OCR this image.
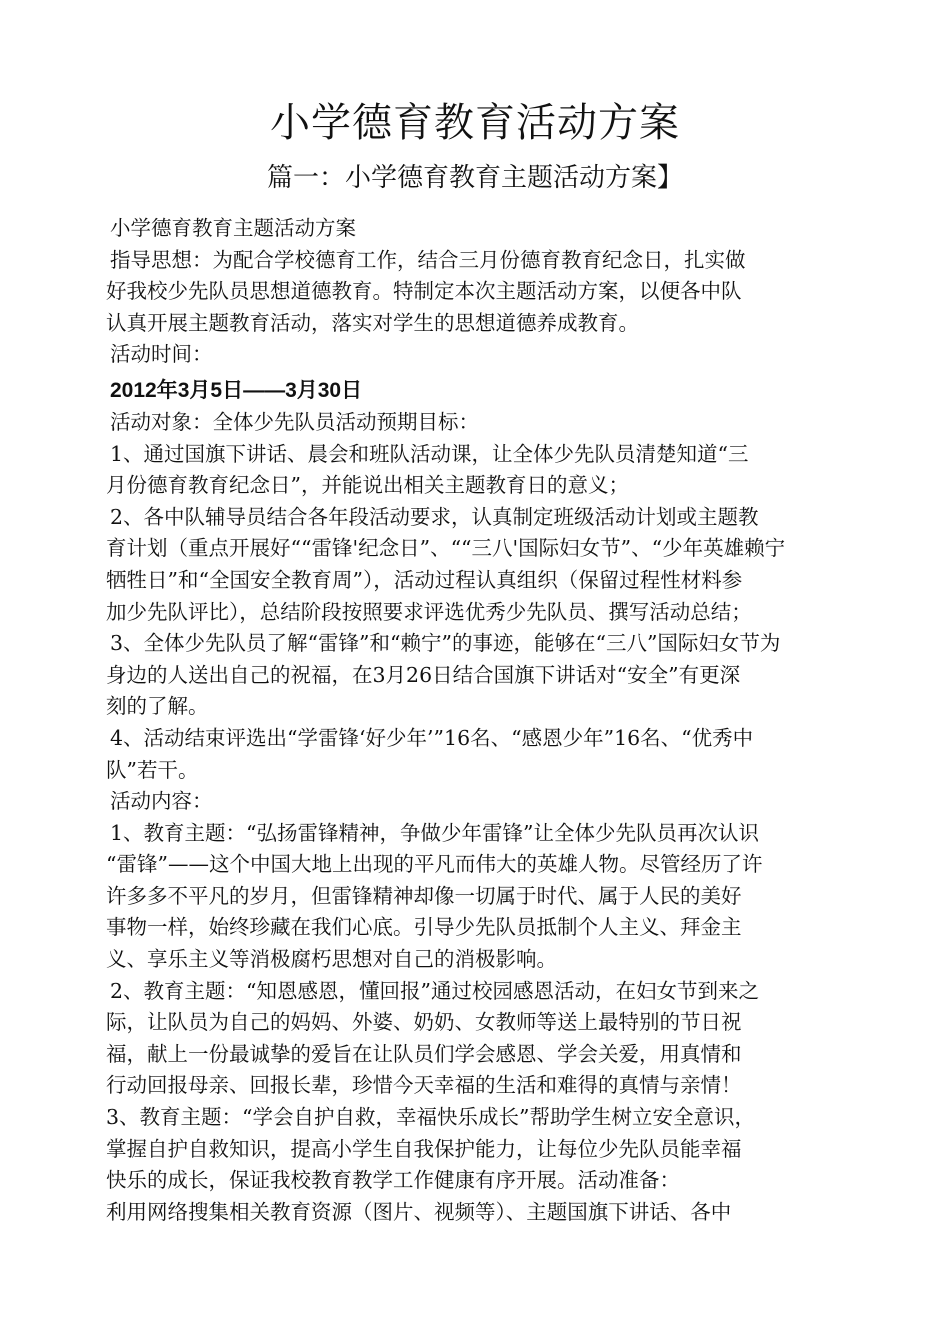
小学德育教育活动方案
篇一：小学德育教育主题活动方案】
小学德育教育主题活动方案
指导思想：为配合学校德育工作，结合三月份德育教育纪念日，扎实做
好我校少先队员思想道德教育。特制定本次主题活动方案，以便各中队
认真开展主题教育活动，落实对学生的思想道德养成教育。
活动时间：
2012年3月5日——3月30日
活动对象：全体少先队员活动预期目标：
1、通过国旗下讲话、晨会和班队活动课，让全体少先队员清楚知道“三
月份德育教育纪念日”，并能说出相关主题教育日的意义；
2、各中队辅导员结合各年段活动要求，认真制定班级活动计划或主题教
育计划（重点开展好““雷锋'纪念日”、““三八'国际妇女节”、“少年英雄赖宁
牺牲日”和“全国安全教育周”），活动过程认真组织（保留过程性材料参
加少先队评比），总结阶段按照要求评选优秀少先队员、撰写活动总结；
3、全体少先队员了解“雷锋”和“赖宁”的事迹，能够在“三八”国际妇女节为
身边的人送出自己的祝福，在3月26日结合国旗下讲话对“安全”有更深
刻的了解。
4、活动结束评选出“学雷锋‘好少年’”16名、“感恩少年”16名、“优秀中
队”若干。
活动内容：
1、教育主题：“弘扬雷锋精神，争做少年雷锋”让全体少先队员再次认识
“雷锋”——这个中国大地上出现的平凡而伟大的英雄人物。尽管经历了许
许多多不平凡的岁月，但雷锋精神却像一切属于时代、属于人民的美好
事物一样，始终珍藏在我们心底。引导少先队员抵制个人主义、拜金主
义、享乐主义等消极腐朽思想对自己的消极影响。
2、教育主题：“知恩感恩，懂回报”通过校园感恩活动，在妇女节到来之
际，让队员为自己的妈妈、外婆、奶奶、女教师等送上最特别的节日祝
福，献上一份最诚挚的爱旨在让队员们学会感恩、学会关爱，用真情和
行动回报母亲、回报长辈，珍惜今天幸福的生活和难得的真情与亲情！
3、教育主题：“学会自护自救，幸福快乐成长”帮助学生树立安全意识，
掌握自护自救知识，提高小学生自我保护能力，让每位少先队员能幸福
快乐的成长，保证我校教育教学工作健康有序开展。活动准备：
利用网络搜集相关教育资源（图片、视频等）、主题国旗下讲话、各中
